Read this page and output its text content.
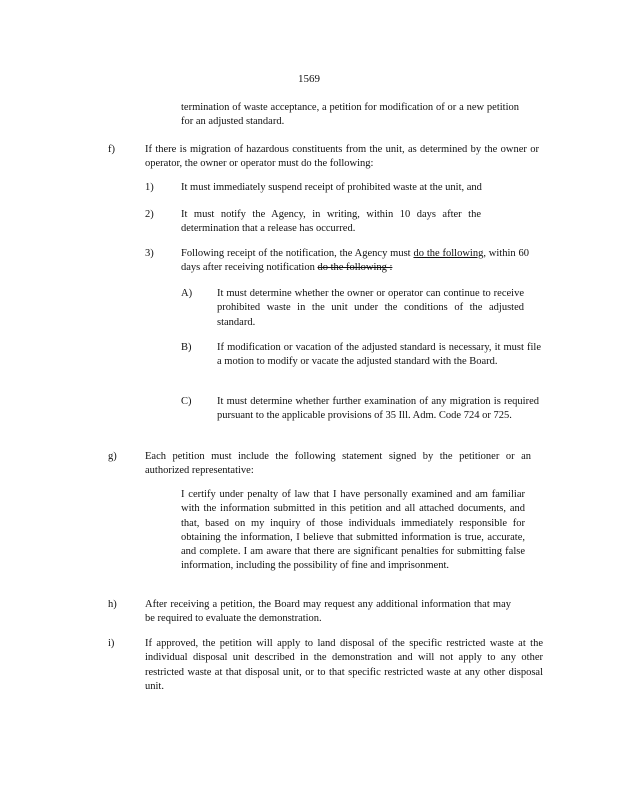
1569
termination of waste acceptance, a petition for modification of or a new petition for an adjusted standard.
f)	If there is migration of hazardous constituents from the unit, as determined by the owner or operator, the owner or operator must do the following:
1)	It must immediately suspend receipt of prohibited waste at the unit, and
2)	It must notify the Agency, in writing, within 10 days after the determination that a release has occurred.
3)	Following receipt of the notification, the Agency must do the following, within 60 days after receiving notification do the following :
A) It must determine whether the owner or operator can continue to receive prohibited waste in the unit under the conditions of the adjusted standard.
B) If modification or vacation of the adjusted standard is necessary, it must file a motion to modify or vacate the adjusted standard with the Board.
C) It must determine whether further examination of any migration is required pursuant to the applicable provisions of 35 Ill. Adm. Code 724 or 725.
g)	Each petition must include the following statement signed by the petitioner or an authorized representative:
I certify under penalty of law that I have personally examined and am familiar with the information submitted in this petition and all attached documents, and that, based on my inquiry of those individuals immediately responsible for obtaining the information, I believe that submitted information is true, accurate, and complete. I am aware that there are significant penalties for submitting false information, including the possibility of fine and imprisonment.
h)	After receiving a petition, the Board may request any additional information that may be required to evaluate the demonstration.
i)	If approved, the petition will apply to land disposal of the specific restricted waste at the individual disposal unit described in the demonstration and will not apply to any other restricted waste at that disposal unit, or to that specific restricted waste at any other disposal unit.
